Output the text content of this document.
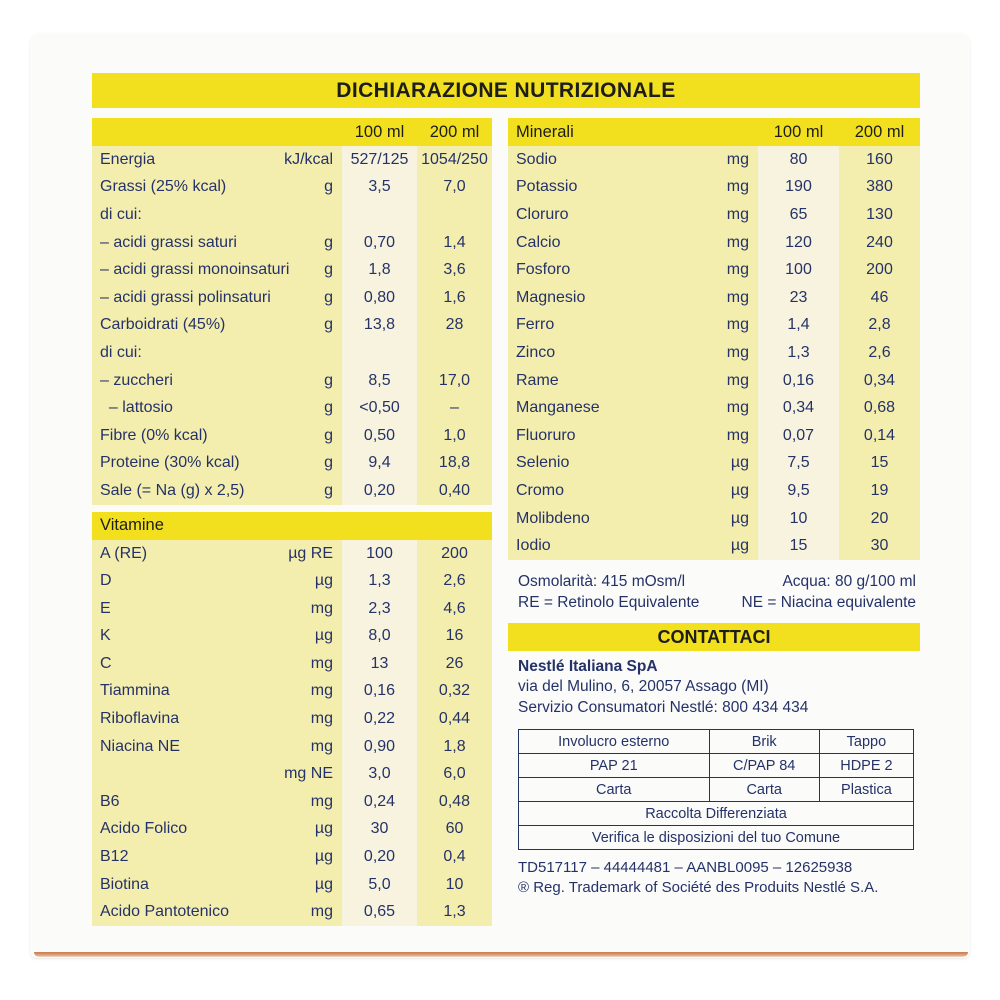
DICHIARAZIONE NUTRIZIONALE
		100 ml	200 ml
Energia	kJ/kcal	527/125	1054/250
Grassi (25% kcal)	g	3,5	7,0
di cui:			
– acidi grassi saturi	g	0,70	1,4
– acidi grassi monoinsaturi	g	1,8	3,6
– acidi grassi polinsaturi	g	0,80	1,6
Carboidrati (45%)	g	13,8	28
di cui:			
– zuccheri	g	8,5	17,0
– lattosio	g	<0,50	–
Fibre (0% kcal)	g	0,50	1,0
Proteine (30% kcal)	g	9,4	18,8
Sale (= Na (g) x 2,5)	g	0,20	0,40
Vitamine			
A (RE)	µg RE	100	200
D	µg	1,3	2,6
E	mg	2,3	4,6
K	µg	8,0	16
C	mg	13	26
Tiammina	mg	0,16	0,32
Riboflavina	mg	0,22	0,44
Niacina NE	mg	0,90	1,8
	mg NE	3,0	6,0
B6	mg	0,24	0,48
Acido Folico	µg	30	60
B12	µg	0,20	0,4
Biotina	µg	5,0	10
Acido Pantotenico	mg	0,65	1,3
Minerali		100 ml	200 ml
Sodio	mg	80	160
Potassio	mg	190	380
Cloruro	mg	65	130
Calcio	mg	120	240
Fosforo	mg	100	200
Magnesio	mg	23	46
Ferro	mg	1,4	2,8
Zinco	mg	1,3	2,6
Rame	mg	0,16	0,34
Manganese	mg	0,34	0,68
Fluoruro	mg	0,07	0,14
Selenio	µg	7,5	15
Cromo	µg	9,5	19
Molibdeno	µg	10	20
Iodio	µg	15	30
Osmolarità: 415 mOsm/l	Acqua: 80 g/100 ml
RE = Retinolo Equivalente	NE = Niacina equivalente
CONTATTACI
Nestlé Italiana SpA
via del Mulino, 6, 20057 Assago (MI)
Servizio Consumatori Nestlé: 800 434 434
Involucro esterno	Brik	Tappo
PAP 21	C/PAP 84	HDPE 2
Carta	Carta	Plastica
Raccolta Differenziata		
Verifica le disposizioni del tuo Comune		
TD517117 – 44444481 – AANBL0095 – 12625938
® Reg. Trademark of Société des Produits Nestlé S.A.
